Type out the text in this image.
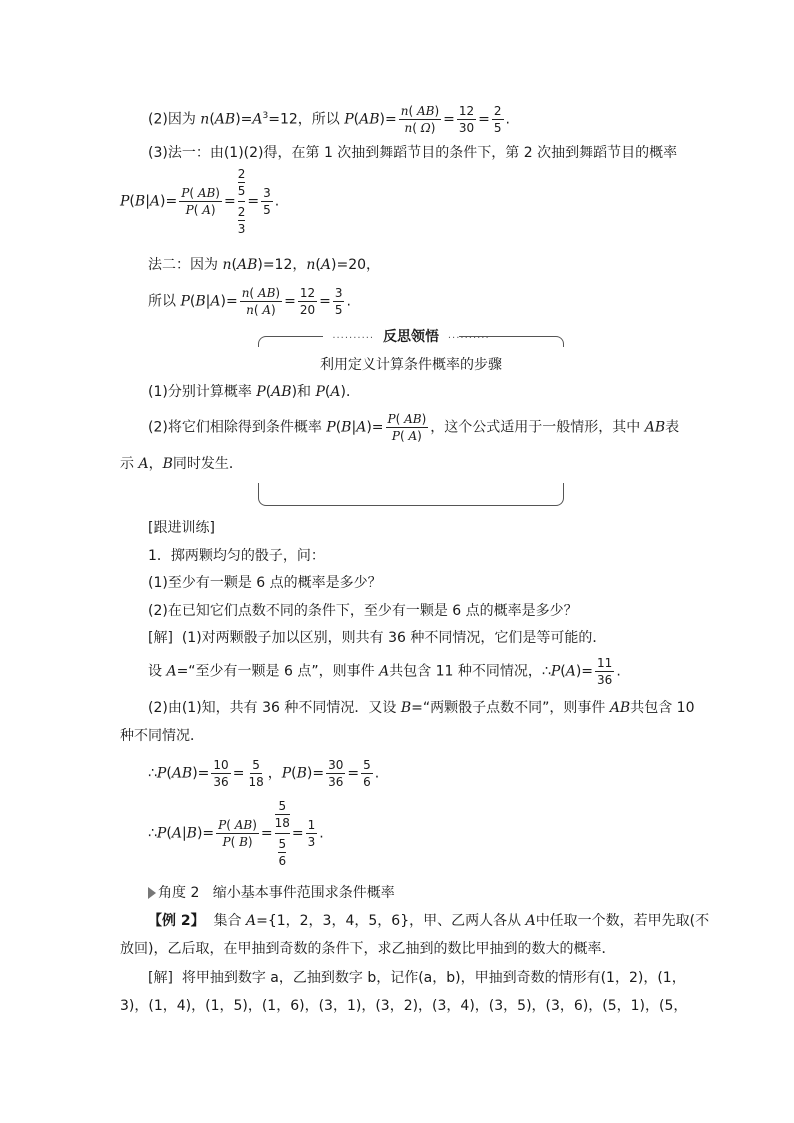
(2)因为 $n(AB)=A^3=12$，所以 $P(AB)= \frac{n( AB)}{n( \Omega)} = \frac{12}{30} = \frac{2}{5}$ .
(3)法一：由(1)(2)得，在第 1 次抽到舞蹈节目的条件下，第 2 次抽到舞蹈节目的概率
$P(B|A)= \frac{P( AB)}{P( A)} = 2$
5
2
$3 = \frac{3}{5}$ .
法二：因为 n(AB)=12，n(A)=20，
所以 $P(B|A)= \frac{n( AB)}{n( A)} = \frac{12}{20} = \frac{3}{5}$ .
·········· 反思领悟 ··········
利用定义计算条件概率的步骤
(1)分别计算概率 P(AB)和 P(A)．
(2)将它们相除得到条件概率 $P(B|A)= \frac{P( AB)}{P( A)}$ ，这个公式适用于一般情形，其中 AB表
示 A，B同时发生．
[跟进训练]
1．掷两颗均匀的骰子，问：
(1)至少有一颗是 6 点的概率是多少？
(2)在已知它们点数不同的条件下，至少有一颗是 6 点的概率是多少？
[解] (1)对两颗骰子加以区别，则共有 36 种不同情况，它们是等可能的．
设 A=“至少有一颗是 6 点”，则事件 A共包含 11 种不同情况，∴P(A)= $\frac{11}{36}$ .
(2)由(1)知，共有 36 种不同情况．又设 B=“两颗骰子点数不同”，则事件 AB共包含 10
种不同情况．
∴P(AB)= $\frac{10}{36} = \frac{5}{18}$ ，$P(B)= \frac{30}{36} = \frac{5}{6}$ .
∴P(A|B)= $\frac{P( AB)}{P( B)} = 5$
18
5
$6 = \frac{1}{3}$ .
角度 2 缩小基本事件范围求条件概率
【例 2】 集合 A={1，2，3，4，5，6}，甲、乙两人各从 A中任取一个数，若甲先取(不
放回)，乙后取，在甲抽到奇数的条件下，求乙抽到的数比甲抽到的数大的概率．
[解] 将甲抽到数字 a，乙抽到数字 b，记作(a，b)，甲抽到奇数的情形有(1，2)，(1，
3)，(1，4)，(1，5)，(1，6)，(3，1)，(3，2)，(3，4)，(3，5)，(3，6)，(5，1)，(5，
